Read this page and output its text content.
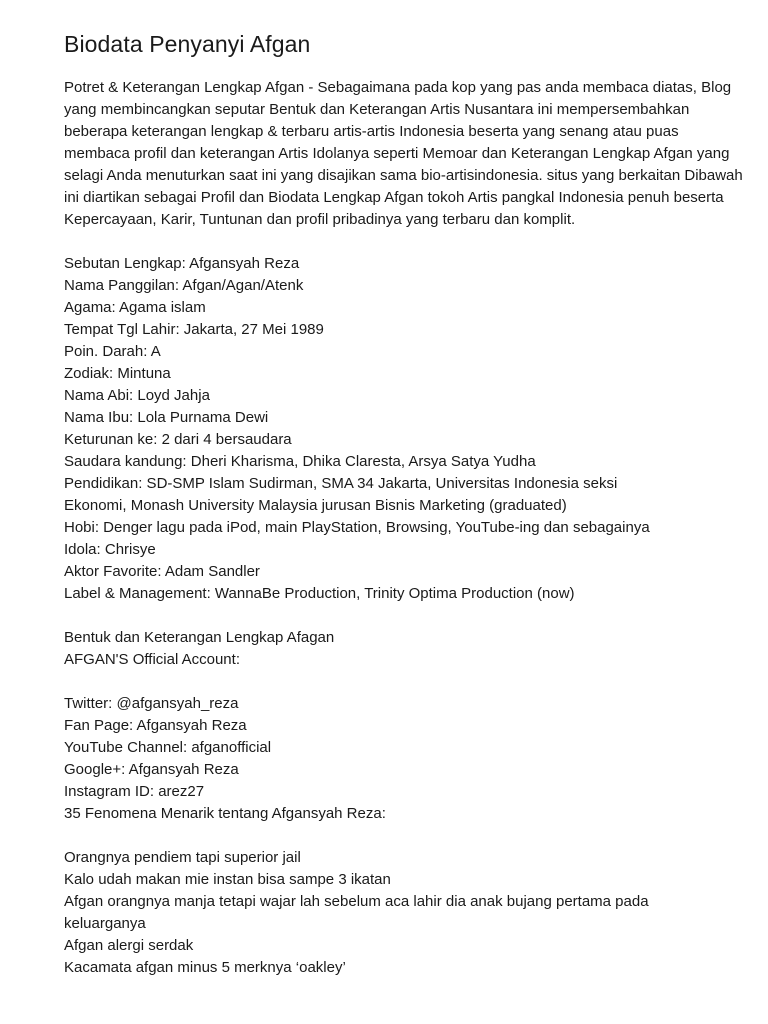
Biodata Penyanyi Afgan

Potret & Keterangan Lengkap Afgan - Sebagaimana pada kop yang pas anda membaca diatas, Blog yang membincangkan seputar Bentuk dan Keterangan Artis Nusantara ini mempersembahkan beberapa keterangan lengkap & terbaru artis-artis Indonesia beserta yang senang atau puas membaca profil dan keterangan Artis Idolanya seperti Memoar dan Keterangan Lengkap Afgan yang selagi Anda menuturkan saat ini yang disajikan sama bio-artisindonesia. situs yang berkaitan Dibawah ini diartikan sebagai Profil dan Biodata Lengkap Afgan tokoh Artis pangkal Indonesia penuh beserta Kepercayaan, Karir, Tuntunan dan profil pribadinya yang terbaru dan komplit.

Sebutan Lengkap: Afgansyah Reza
Nama Panggilan: Afgan/Agan/Atenk
Agama: Agama islam
Tempat Tgl Lahir: Jakarta, 27 Mei 1989
Poin. Darah: A
Zodiak: Mintuna
Nama Abi: Loyd Jahja
Nama Ibu: Lola Purnama Dewi
Keturunan ke: 2 dari 4 bersaudara
Saudara kandung: Dheri Kharisma, Dhika Claresta, Arsya Satya Yudha
Pendidikan: SD-SMP Islam Sudirman, SMA 34 Jakarta, Universitas Indonesia seksi
Ekonomi, Monash University Malaysia jurusan Bisnis Marketing (graduated)
Hobi: Denger lagu pada iPod, main PlayStation, Browsing, YouTube-ing dan sebagainya
Idola: Chrisye
Aktor Favorite: Adam Sandler
Label & Management: WannaBe Production, Trinity Optima Production (now)
Bentuk dan Keterangan Lengkap Afagan
AFGAN'S Official Account:
Twitter: @afgansyah_reza
Fan Page: Afgansyah Reza
YouTube Channel: afganofficial
Google+: Afgansyah Reza
Instagram ID: arez27
35 Fenomena Menarik tentang Afgansyah Reza:
Orangnya pendiem tapi superior jail
Kalo udah makan mie instan bisa sampe 3 ikatan
Afgan orangnya manja tetapi wajar lah sebelum aca lahir dia anak bujang pertama pada
keluarganya
Afgan alergi serdak
Kacamata afgan minus 5 merknya ‘oakley’
